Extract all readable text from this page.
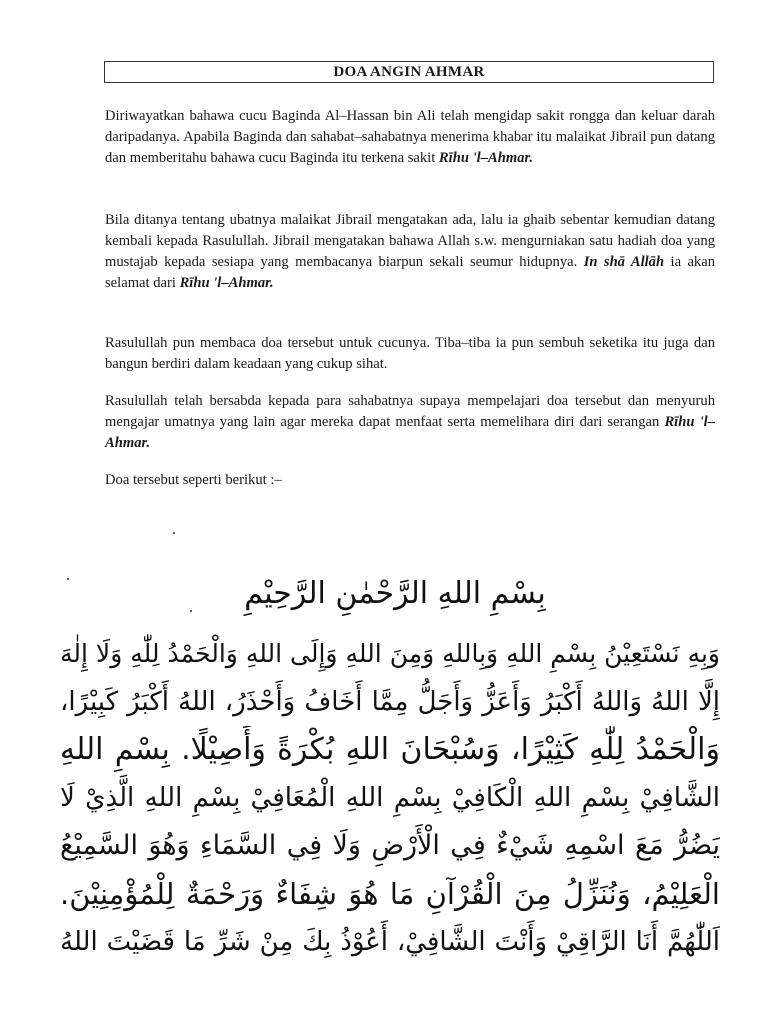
DOA ANGIN AHMAR

Diriwayatkan bahawa cucu Baginda Al–Hassan bin Ali telah mengidap sakit rongga dan keluar darah daripadanya. Apabila Baginda dan sahabat–sahabatnya menerima khabar itu malaikat Jibrail pun datang dan memberitahu bahawa cucu Baginda itu terkena sakit Rīhu 'l–Ahmar.

Bila ditanya tentang ubatnya malaikat Jibrail mengatakan ada, lalu ia ghaib sebentar kemudian datang kembali kepada Rasulullah. Jibrail mengatakan bahawa Allah s.w. mengurniakan satu hadiah doa yang mustajab kepada sesiapa yang membacanya biarpun sekali seumur hidupnya. In shā Allāh ia akan selamat dari Rīhu 'l–Ahmar.

Rasulullah pun membaca doa tersebut untuk cucunya. Tiba–tiba ia pun sembuh seketika itu juga dan bangun berdiri dalam keadaan yang cukup sihat.

Rasulullah telah bersabda kepada para sahabatnya supaya mempelajari doa tersebut dan menyuruh mengajar umatnya yang lain agar mereka dapat menfaat serta memelihara diri dari serangan Rīhu 'l–Ahmar.

Doa tersebut seperti berikut :–

بِسْمِ اللهِ الرَّحْمٰنِ الرَّحِيْمِ

وَبِهِ نَسْتَعِيْنُ بِسْمِ اللهِ وَبِاللهِ وَمِنَ اللهِ وَإِلَى اللهِ وَالْحَمْدُ لِلّٰهِ وَلَا إِلٰهَ
إِلَّا اللهُ وَاللهُ أَكْبَرُ وَأَعَزُّ وَأَجَلُّ مِمَّا أَخَافُ وَأَحْذَرُ، اللهُ أَكْبَرُ كَبِيْرًا،
وَالْحَمْدُ لِلّٰهِ كَثِيْرًا، وَسُبْحَانَ اللهِ بُكْرَةً وَأَصِيْلًا. بِسْمِ اللهِ
الشَّافِيْ بِسْمِ اللهِ الْكَافِيْ بِسْمِ اللهِ الْمُعَافِيْ بِسْمِ اللهِ الَّذِيْ لَا
يَضُرُّ مَعَ اسْمِهِ شَيْءٌ فِي الْأَرْضِ وَلَا فِي السَّمَاءِ وَهُوَ السَّمِيْعُ
الْعَلِيْمُ، وَنُنَزِّلُ مِنَ الْقُرْآنِ مَا هُوَ شِفَاءٌ وَرَحْمَةٌ لِلْمُؤْمِنِيْنَ.
اَللّٰهُمَّ أَنَا الرَّاقِيْ وَأَنْتَ الشَّافِيْ، أَعُوْذُ بِكَ مِنْ شَرِّ مَا قَضَيْتَ اللهُ
